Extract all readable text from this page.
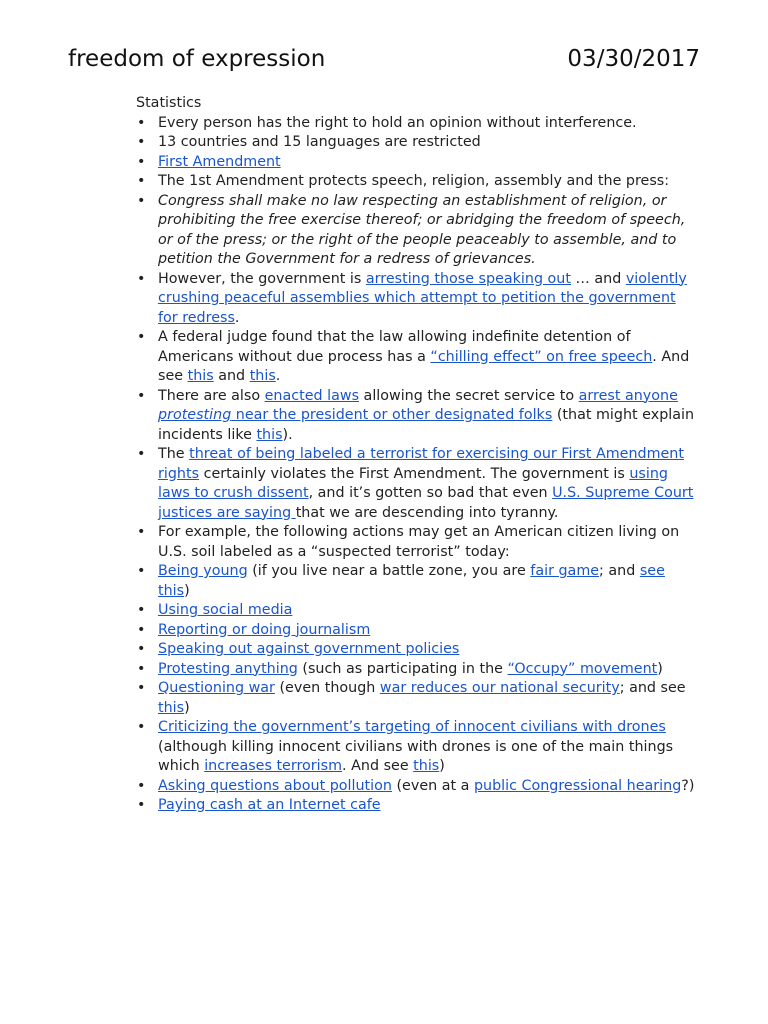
freedom of expression	03/30/2017
Statistics
• Every person has the right to hold an opinion without interference.
• 13 countries and 15 languages are restricted
• First Amendment
• The 1st Amendment protects speech, religion, assembly and the press:
• Congress shall make no law respecting an establishment of religion, or prohibiting the free exercise thereof; or abridging the freedom of speech, or of the press; or the right of the people peaceably to assemble, and to petition the Government for a redress of grievances.
• However, the government is arresting those speaking out … and violently crushing peaceful assemblies which attempt to petition the government for redress.
• A federal judge found that the law allowing indefinite detention of Americans without due process has a “chilling effect” on free speech. And see this and this.
• There are also enacted laws allowing the secret service to arrest anyone protesting near the president or other designated folks (that might explain incidents like this).
• The threat of being labeled a terrorist for exercising our First Amendment rights certainly violates the First Amendment. The government is using laws to crush dissent, and it’s gotten so bad that even U.S. Supreme Court justices are saying that we are descending into tyranny.
• For example, the following actions may get an American citizen living on U.S. soil labeled as a “suspected terrorist” today:
• Being young (if you live near a battle zone, you are fair game; and see this)
• Using social media
• Reporting or doing journalism
• Speaking out against government policies
• Protesting anything (such as participating in the “Occupy” movement)
• Questioning war (even though war reduces our national security; and see this)
• Criticizing the government’s targeting of innocent civilians with drones (although killing innocent civilians with drones is one of the main things which increases terrorism. And see this)
• Asking questions about pollution (even at a public Congressional hearing?)
• Paying cash at an Internet cafe
